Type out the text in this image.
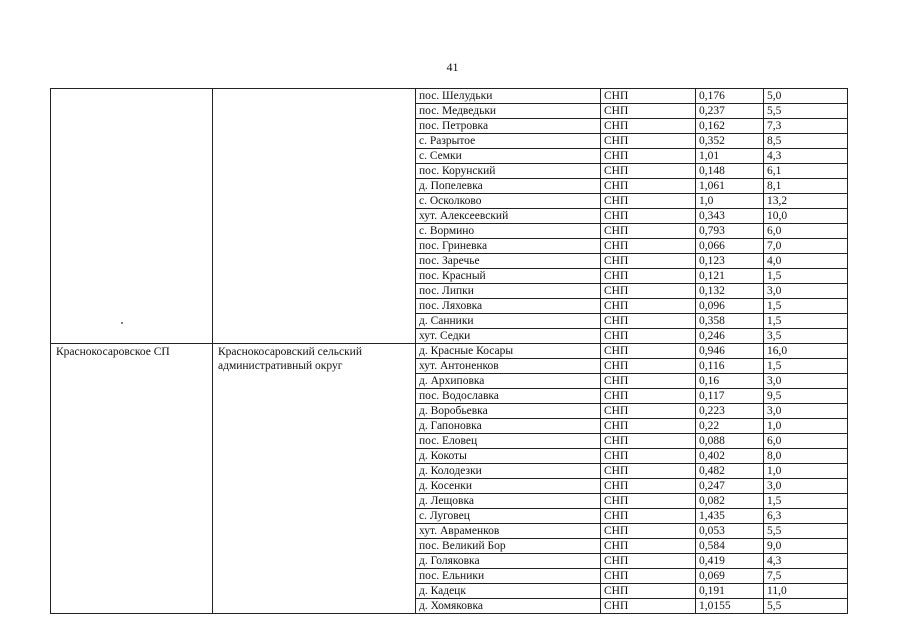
41
		пос. Шелудьки	СНП	0,176	5,0
		пос. Медведьки	СНП	0,237	5,5
		пос. Петровка	СНП	0,162	7,3
		с. Разрытое	СНП	0,352	8,5
		с. Семки	СНП	1,01	4,3
		пос. Корунский	СНП	0,148	6,1
		д. Попелевка	СНП	1,061	8,1
		с. Осколково	СНП	1,0	13,2
		хут. Алексеевский	СНП	0,343	10,0
		с. Вормино	СНП	0,793	6,0
		пос. Гриневка	СНП	0,066	7,0
		пос. Заречье	СНП	0,123	4,0
		пос. Красный	СНП	0,121	1,5
		пос. Липки	СНП	0,132	3,0
		пос. Ляховка	СНП	0,096	1,5
		д. Санники	СНП	0,358	1,5
		хут. Седки	СНП	0,246	3,5
Краснокосаровское СП	Краснокосаровский сельский административный округ	д. Красные Косары	СНП	0,946	16,0
		хут. Антоненков	СНП	0,116	1,5
		д. Архиповка	СНП	0,16	3,0
		пос. Водославка	СНП	0,117	9,5
		д. Воробьевка	СНП	0,223	3,0
		д. Гапоновка	СНП	0,22	1,0
		пос. Еловец	СНП	0,088	6,0
		д. Кокоты	СНП	0,402	8,0
		д. Колодезки	СНП	0,482	1,0
		д. Косенки	СНП	0,247	3,0
		д. Лещовка	СНП	0,082	1,5
		с. Луговец	СНП	1,435	6,3
		хут. Авраменков	СНП	0,053	5,5
		пос. Великий Бор	СНП	0,584	9,0
		д. Голяковка	СНП	0,419	4,3
		пос. Ельники	СНП	0,069	7,5
		д. Кадецк	СНП	0,191	11,0
		д. Хомяковка	СНП	1,0155	5,5
